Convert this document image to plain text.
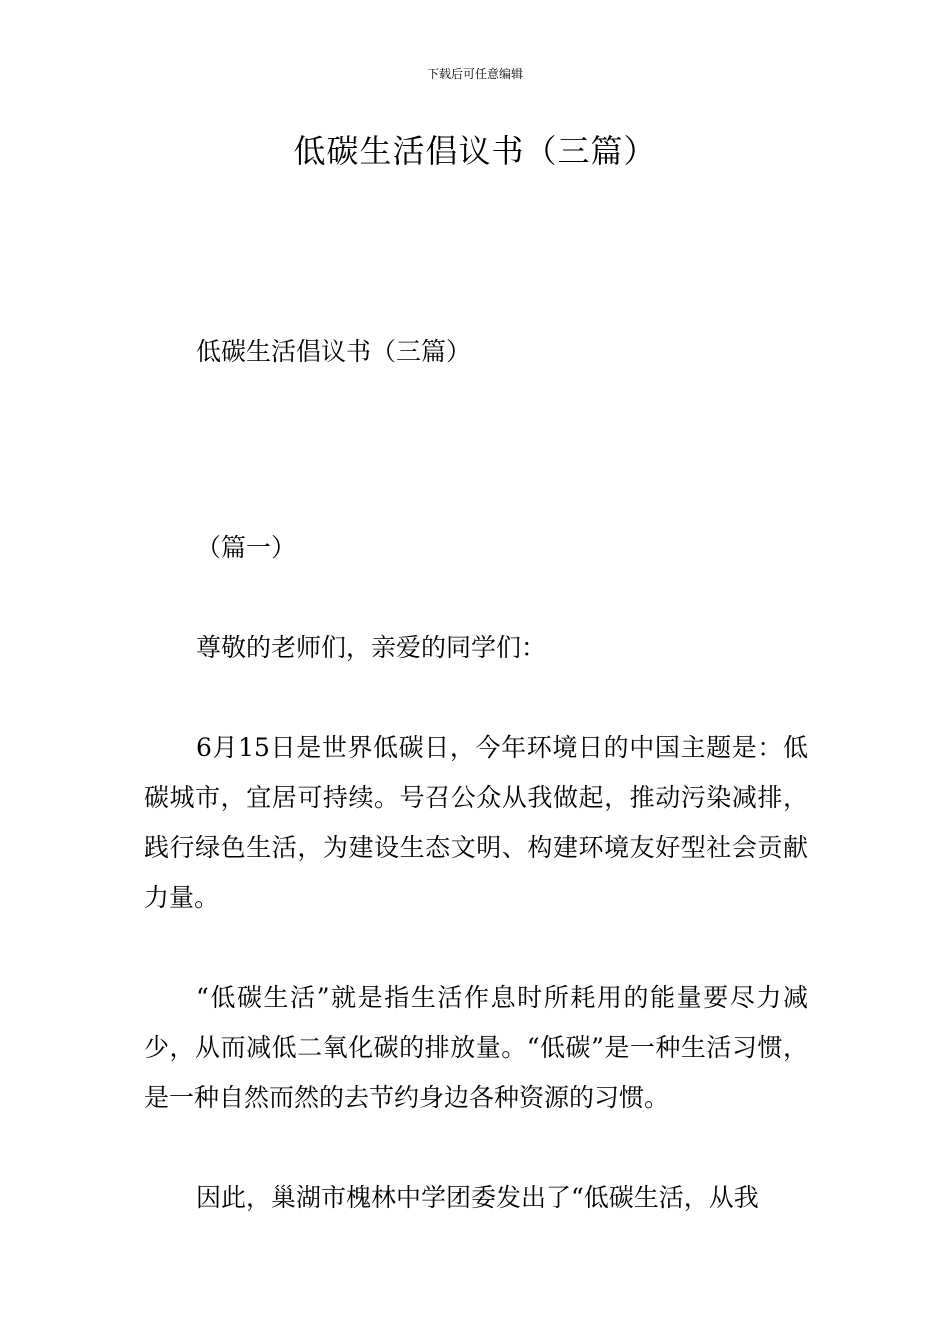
下载后可任意编辑
低碳生活倡议书（三篇）

低碳生活倡议书（三篇）

（篇一）

尊敬的老师们，亲爱的同学们：

6月15日是世界低碳日，今年环境日的中国主题是：低碳城市，宜居可持续。号召公众从我做起，推动污染减排，践行绿色生活，为建设生态文明、构建环境友好型社会贡献力量。

“低碳生活”就是指生活作息时所耗用的能量要尽力减少，从而减低二氧化碳的排放量。“低碳”是一种生活习惯，是一种自然而然的去节约身边各种资源的习惯。

因此，巢湖市槐林中学团委发出了“低碳生活，从我
